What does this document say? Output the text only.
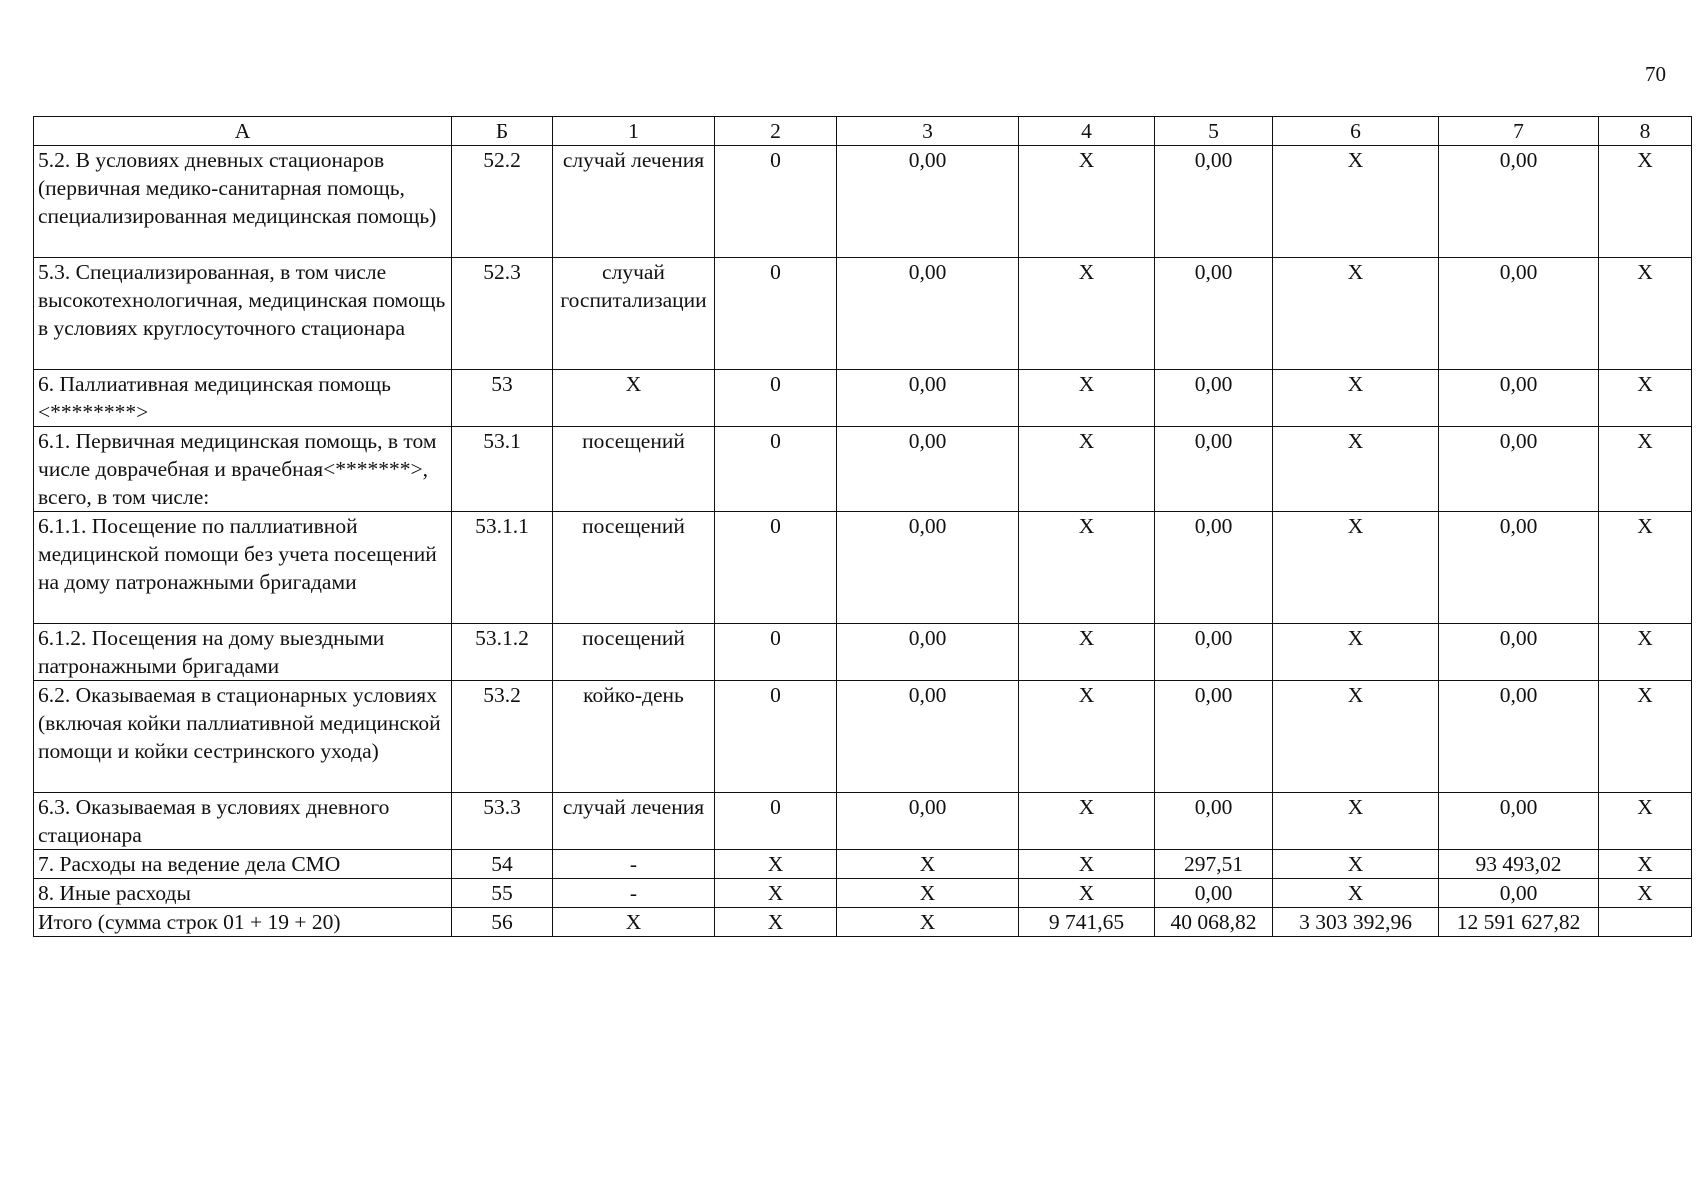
70
А	Б	1	2	3	4	5	6	7	8
5.2. В условиях дневных стационаров (первичная медико-санитарная помощь, специализированная медицинская помощь)	52.2	случай лечения	0	0,00	X	0,00	X	0,00	X
5.3. Специализированная, в том числе высокотехнологичная, медицинская помощь в условиях круглосуточного стационара	52.3	случай госпитализации	0	0,00	X	0,00	X	0,00	X
6. Паллиативная медицинская помощь <********>	53	X	0	0,00	X	0,00	X	0,00	X
6.1. Первичная медицинская помощь, в том числе доврачебная и врачебная<*******>, всего, в том числе:	53.1	посещений	0	0,00	X	0,00	X	0,00	X
6.1.1. Посещение по паллиативной медицинской помощи без учета посещений на дому патронажными бригадами	53.1.1	посещений	0	0,00	X	0,00	X	0,00	X
6.1.2. Посещения на дому выездными патронажными бригадами	53.1.2	посещений	0	0,00	X	0,00	X	0,00	X
6.2. Оказываемая в стационарных условиях (включая койки паллиативной медицинской помощи и койки сестринского ухода)	53.2	койко-день	0	0,00	X	0,00	X	0,00	X
6.3. Оказываемая в условиях дневного стационара	53.3	случай лечения	0	0,00	X	0,00	X	0,00	X
7. Расходы на ведение дела СМО	54	-	X	X	X	297,51	X	93 493,02	X
8. Иные расходы	55	-	X	X	X	0,00	X	0,00	X
Итого (сумма строк 01 + 19 + 20)	56	X	X	X	9 741,65	40 068,82	3 303 392,96	12 591 627,82	
